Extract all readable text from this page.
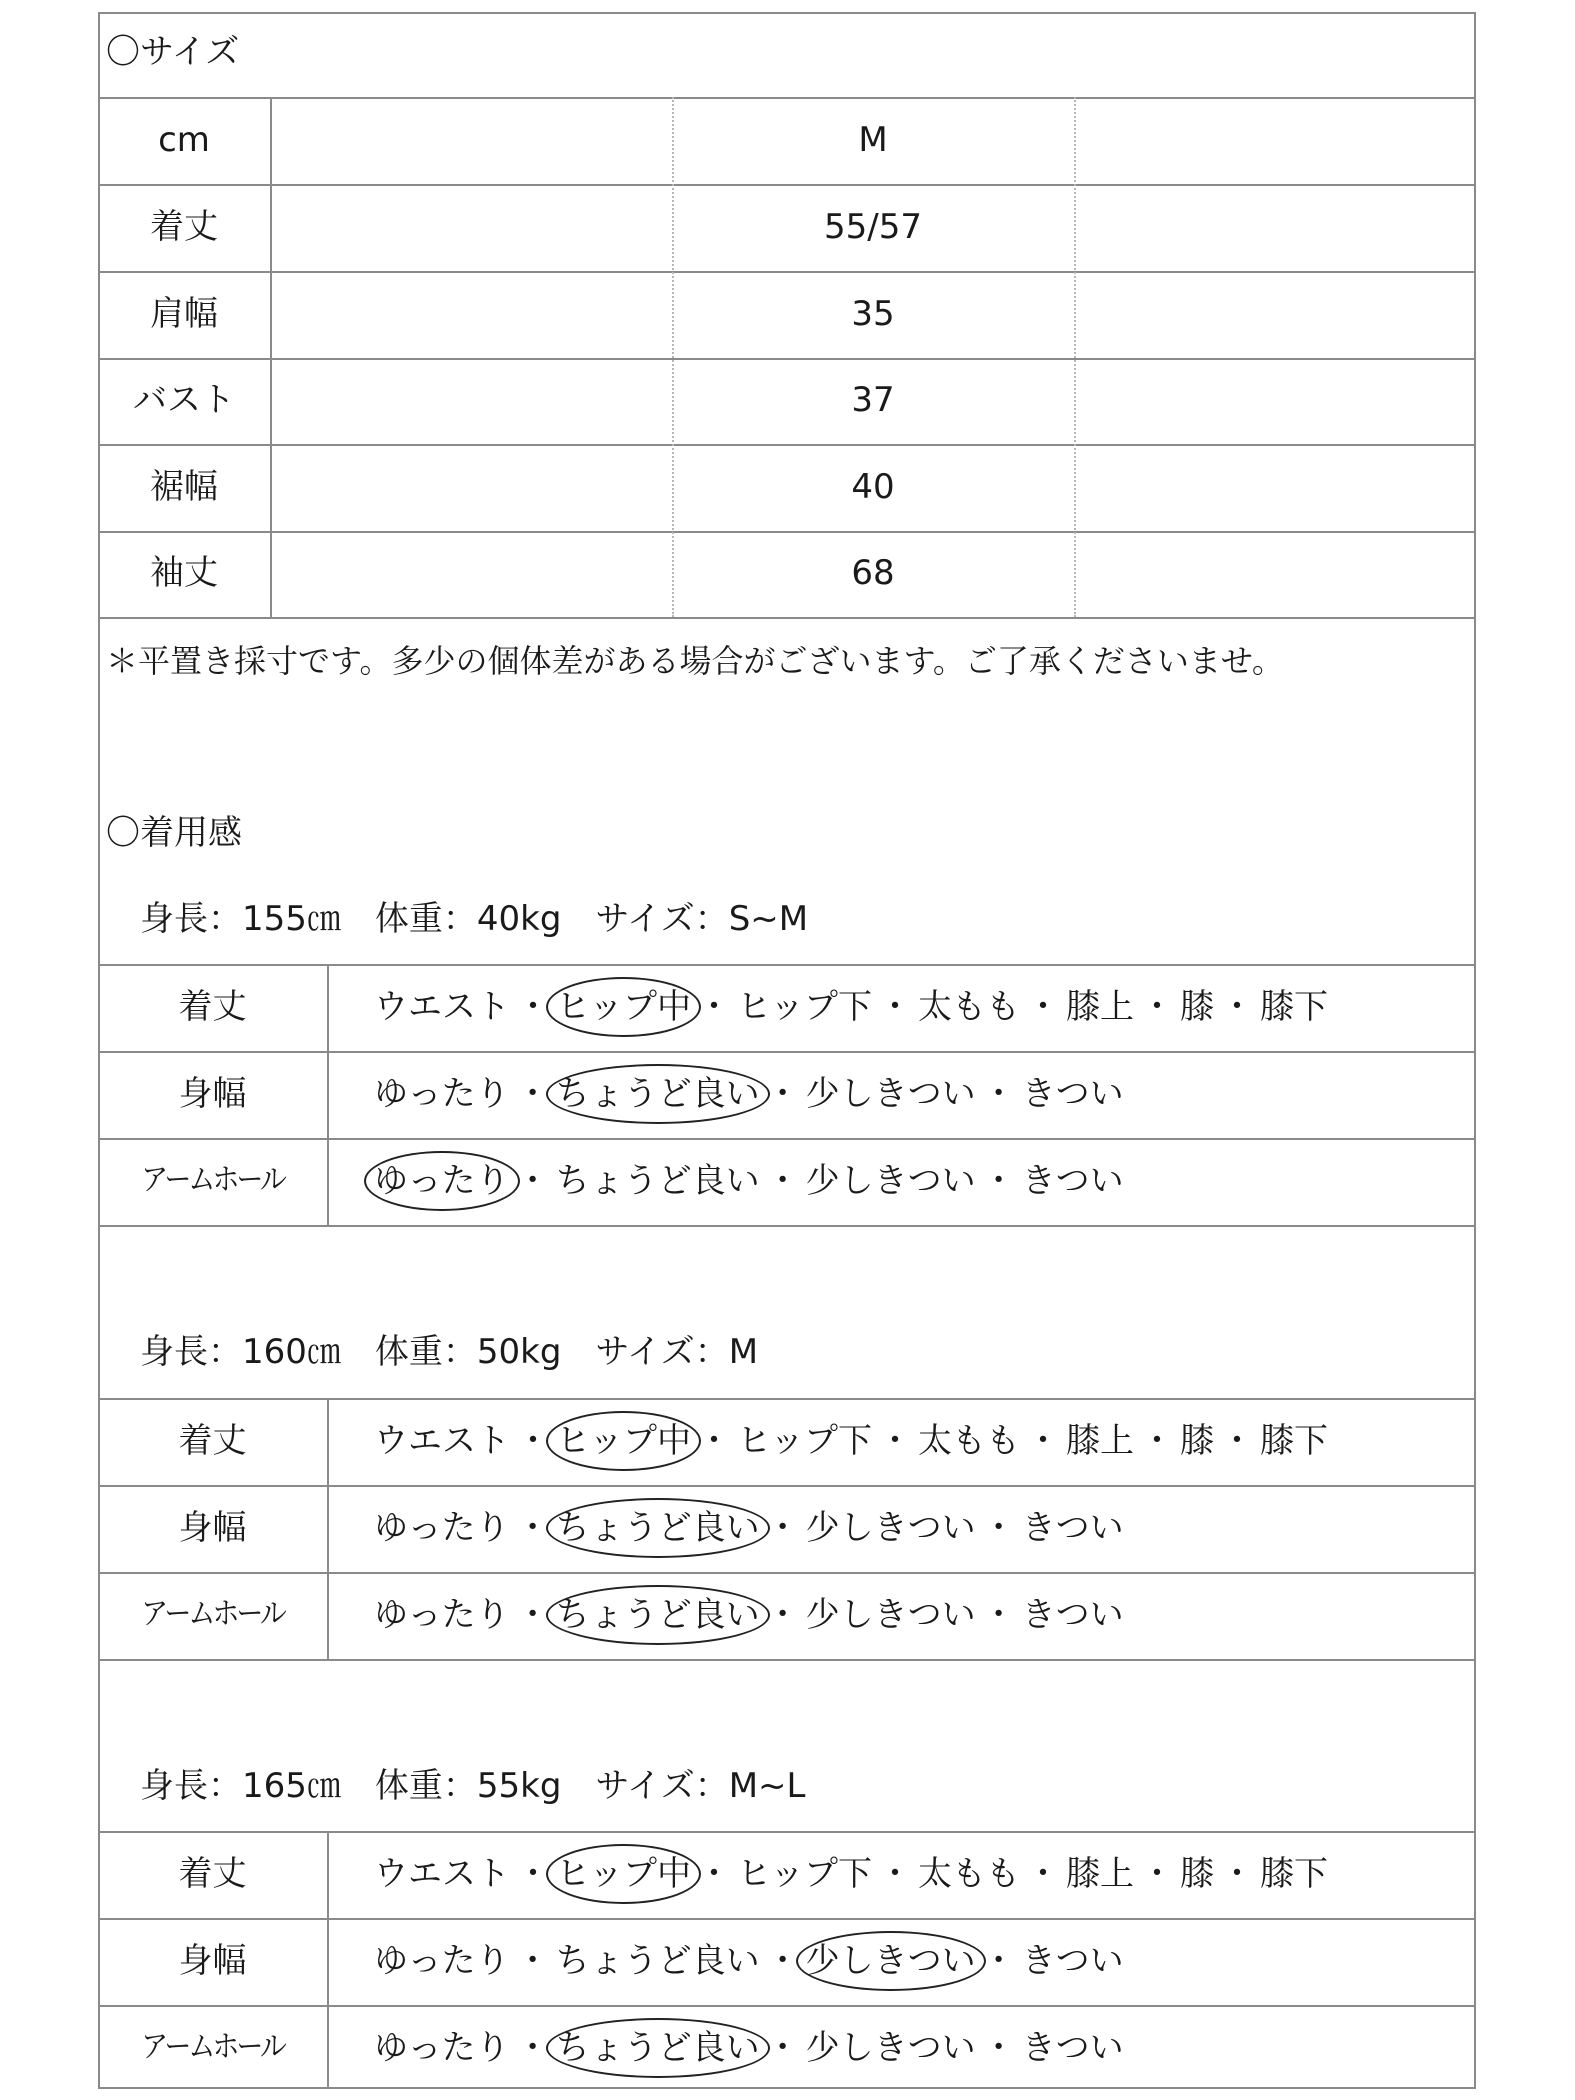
〇サイズ
cm	M
着丈	55/57
肩幅	35
バスト	37
裾幅	40
袖丈	68
＊平置き採寸です。多少の個体差がある場合がございます。ご了承くださいませ。
〇着用感
身長：155㎝　体重：40kg　サイズ：S~M
着丈	ウエスト ・ ヒップ中 ・ ヒップ下 ・ 太もも ・ 膝上 ・ 膝 ・ 膝下
身幅	ゆったり ・ ちょうど良い ・ 少しきつい ・ きつい
アームホール	ゆったり ・ ちょうど良い ・ 少しきつい ・ きつい
身長：160㎝　体重：50kg　サイズ：M
着丈	ウエスト ・ ヒップ中 ・ ヒップ下 ・ 太もも ・ 膝上 ・ 膝 ・ 膝下
身幅	ゆったり ・ ちょうど良い ・ 少しきつい ・ きつい
アームホール	ゆったり ・ ちょうど良い ・ 少しきつい ・ きつい
身長：165㎝　体重：55kg　サイズ：M~L
着丈	ウエスト ・ ヒップ中 ・ ヒップ下 ・ 太もも ・ 膝上 ・ 膝 ・ 膝下
身幅	ゆったり ・ ちょうど良い ・ 少しきつい ・ きつい
アームホール	ゆったり ・ ちょうど良い ・ 少しきつい ・ きつい
